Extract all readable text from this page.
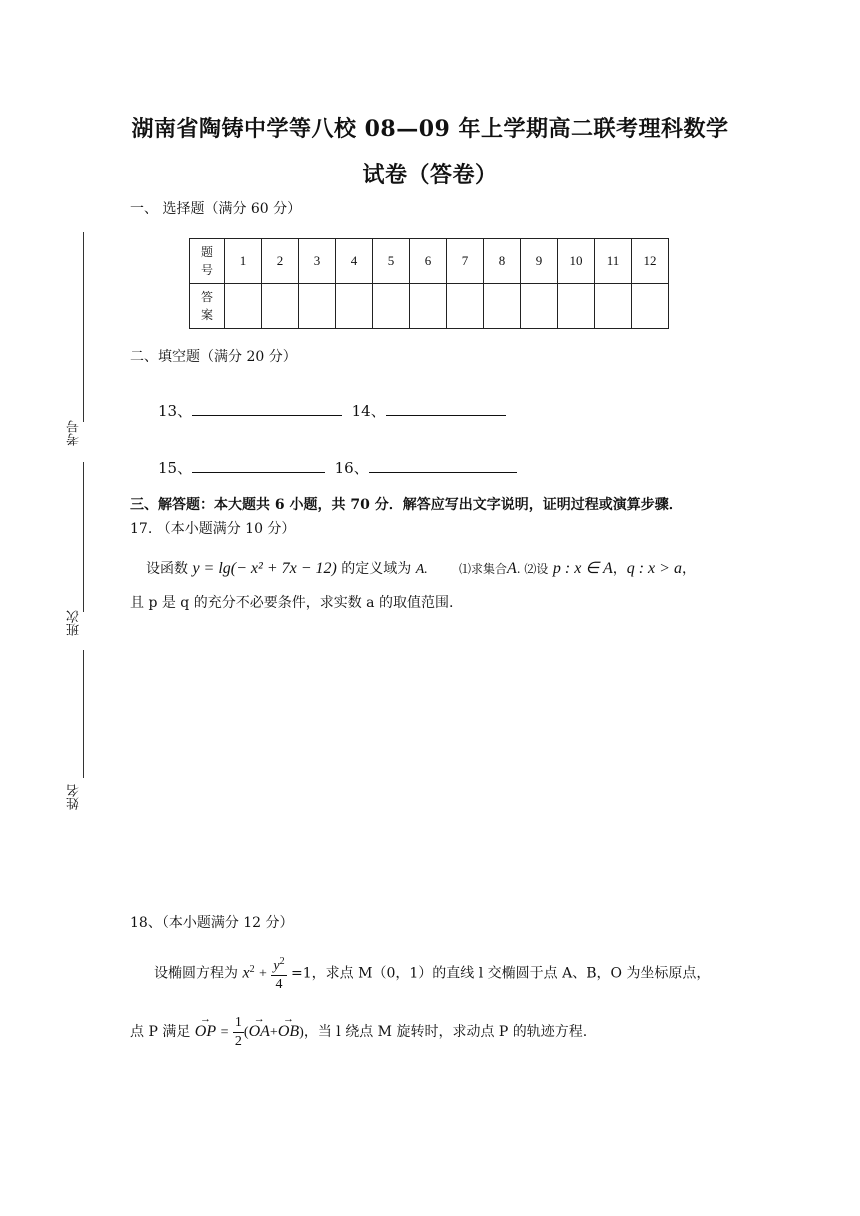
湖南省陶铸中学等八校 08—09 年上学期高二联考理科数学
试卷（答卷）
一、 选择题（满分 60 分）
考号
班次
姓名
题
号	1	2	3	4	5	6	7	8	9	10	11	12
答
案												
二、填空题（满分 20 分）
13、	14、
15、	16、
三、解答题：本大题共 6 小题，共 70 分．解答应写出文字说明，证明过程或演算步骤．
17. （本小题满分 10 分）
设函数 y = lg(− x² + 7x − 12) 的定义域为 A.	⑴求集合A. ⑵设 p : x ∈ A，q : x > a，
且 p 是 q 的充分不必要条件，求实数 a 的取值范围.
18、（本小题满分 12 分）
设椭圆方程为 $x^2 + \frac{y^2}{4} =1$，求点 M（0，1）的直线 l 交椭圆于点 A、B，O 为坐标原点，
点 P 满足 → OP = $\frac{1}{2}$ (→ OA+→ OB)，当 l 绕点 M 旋转时，求动点 P 的轨迹方程.
